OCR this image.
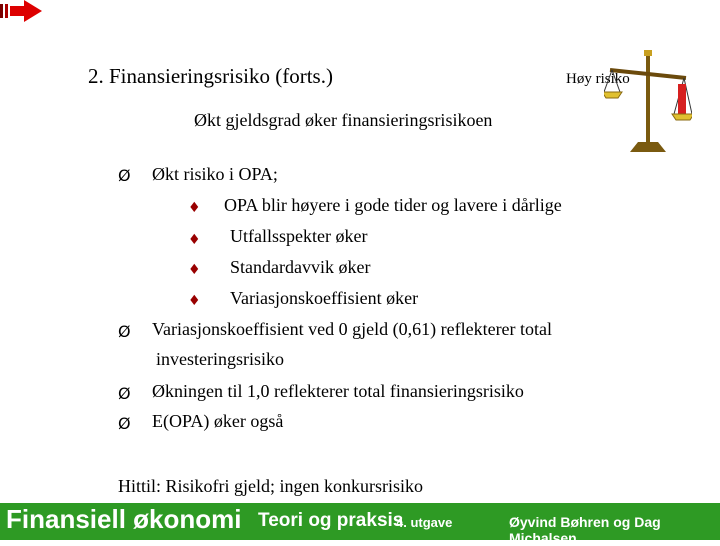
2. Finansieringsrisiko (forts.)	Høy risiko
Økt gjeldsgrad øker finansieringsrisikoen
Ø Økt risiko i OPA;
♦ OPA blir høyere i gode tider og lavere i dårlige
♦ Utfallsspekter øker
♦ Standardavvik øker
♦ Variasjonskoeffisient øker
Ø Variasjonskoeffisient ved 0 gjeld (0,61) reflekterer total
investeringsrisiko
Ø Økningen til 1,0 reflekterer total finansieringsrisiko
Ø E(OPA) øker også
Hittil: Risikofri gjeld; ingen konkursrisiko
Finansiell økonomi Teori og praksis
4. utgave	Øyvind Bøhren og Dag Michalsen
